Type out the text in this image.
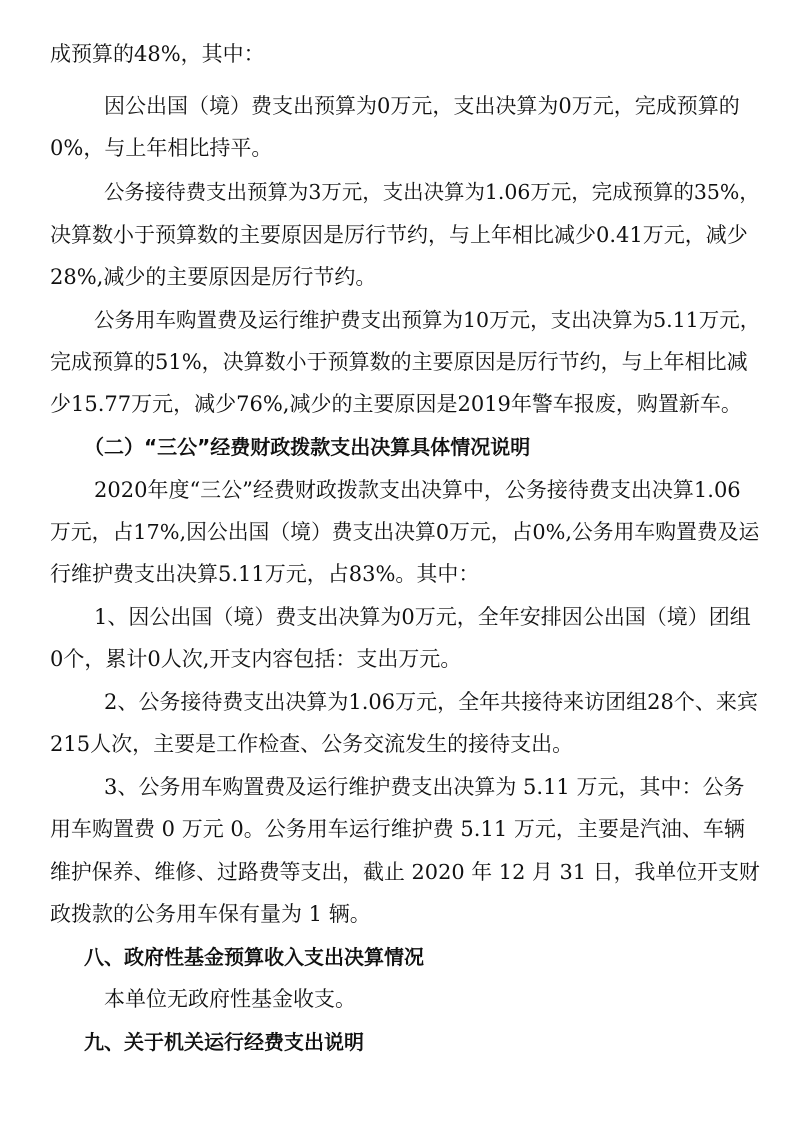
成预算的48%，其中：
因公出国（境）费支出预算为0万元，支出决算为0万元，完成预算的
0%，与上年相比持平。
公务接待费支出预算为3万元，支出决算为1.06万元，完成预算的35%，
决算数小于预算数的主要原因是厉行节约，与上年相比减少0.41万元，减少
28%,减少的主要原因是厉行节约。
公务用车购置费及运行维护费支出预算为10万元，支出决算为5.11万元，
完成预算的51%，决算数小于预算数的主要原因是厉行节约，与上年相比减
少15.77万元，减少76%,减少的主要原因是2019年警车报废，购置新车。
（二）“三公”经费财政拨款支出决算具体情况说明
2020年度“三公”经费财政拨款支出决算中，公务接待费支出决算1.06
万元，占17%,因公出国（境）费支出决算0万元，占0%,公务用车购置费及运
行维护费支出决算5.11万元，占83%。其中：
1、因公出国（境）费支出决算为0万元，全年安排因公出国（境）团组
0个，累计0人次,开支内容包括：支出万元。
2、公务接待费支出决算为1.06万元，全年共接待来访团组28个、来宾
215人次，主要是工作检查、公务交流发生的接待支出。
3、公务用车购置费及运行维护费支出决算为 5.11 万元，其中：公务
用车购置费 0 万元 0。公务用车运行维护费 5.11 万元，主要是汽油、车辆
维护保养、维修、过路费等支出，截止 2020 年 12 月 31 日，我单位开支财
政拨款的公务用车保有量为 1 辆。
八、政府性基金预算收入支出决算情况
本单位无政府性基金收支。
九、关于机关运行经费支出说明
